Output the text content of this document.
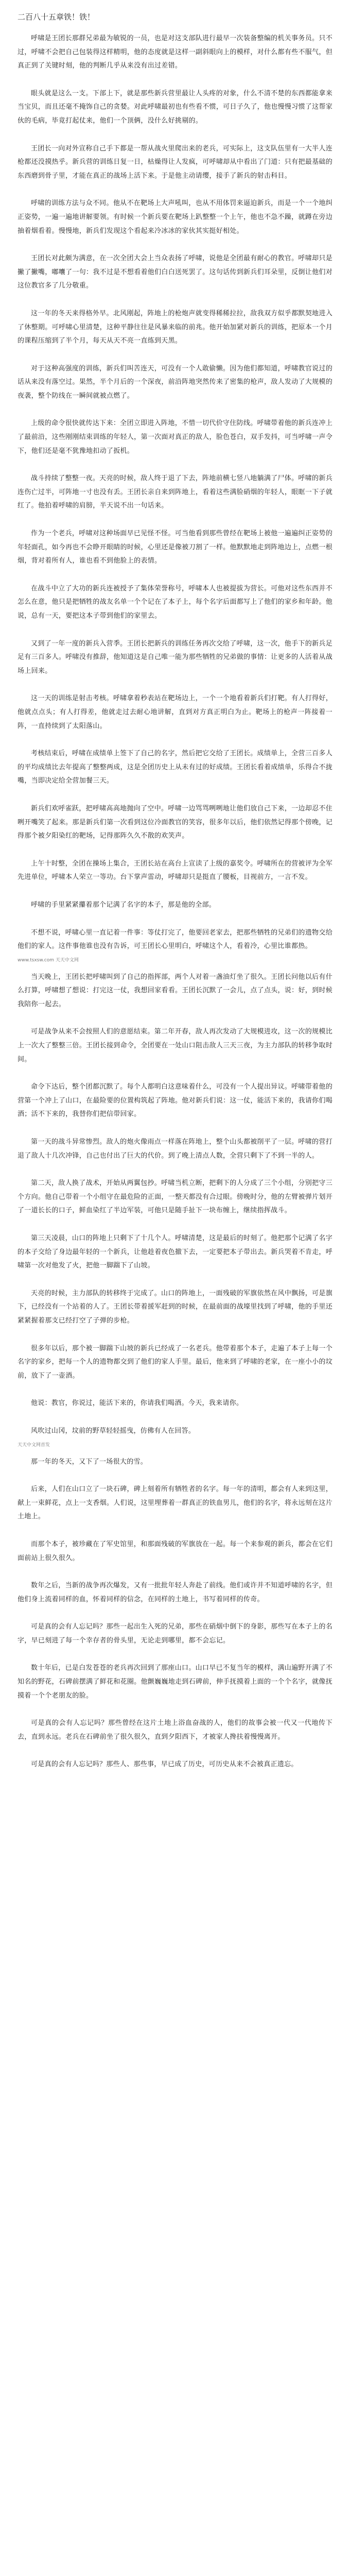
二百八十五章铁！铁！

呼啸是王团长那群兄弟最为敏锐的一员，也是对这支部队进行最早一次装备整编的机关事务员。只不过，呼啸不会把自己包装得这样精明，他的态度就是这样一副斜眼向上的模样，对什么都有些不服气，但真正到了关键时刻，他的判断几乎从来没有出过差错。

眼头就是这么一支。下部上下，就是那些新兵营里最让人头疼的对象，什么不清不楚的东西都能拿来当宝贝，而且还毫不掩饰自己的贪婪。对此呼啸最初也有些看不惯，可日子久了，他也慢慢习惯了这帮家伙的毛病，毕竟打起仗来，他们一个顶俩，没什么好挑剔的。

王团长一向对外宣称自己手下都是一帮从战火里爬出来的老兵，可实际上，这支队伍里有一大半人连枪都还没摸热乎。新兵营的训练日复一日，枯燥得让人发疯，可呼啸却从中看出了门道：只有把最基础的东西磨到骨子里，才能在真正的战场上活下来。于是他主动请缨，接手了新兵的射击科目。

呼啸的训练方法与众不同。他从不在靶场上大声吼叫，也从不用体罚来逼迫新兵，而是一个一个地纠正姿势，一遍一遍地讲解要领。有时候一个新兵要在靶场上趴整整一个上午，他也不急不躁，就蹲在旁边抽着烟看着。慢慢地，新兵们发现这个看起来冷冰冰的家伙其实挺好相处。

王团长对此颇为满意，在一次全团大会上当众表扬了呼啸，说他是全团最有耐心的教官。呼啸却只是撇了撇嘴，嘟囔了一句：我不过是不想看着他们白白送死罢了。这句话传到新兵们耳朵里，反倒让他们对这位教官多了几分敬重。

这一年的冬天来得格外早。北风刚起，阵地上的枪炮声就变得稀稀拉拉，敌我双方似乎都默契地进入了休整期。可呼啸心里清楚，这种平静往往是风暴来临的前兆。他开始加紧对新兵的训练，把原本一个月的课程压缩到了半个月，每天从天不亮一直练到天黑。

对于这种高强度的训练，新兵们叫苦连天，可没有一个人敢偷懒。因为他们都知道，呼啸教官说过的话从来没有落空过。果然，半个月后的一个深夜，前沿阵地突然传来了密集的枪声，敌人发动了大规模的夜袭，整个防线在一瞬间就被点燃了。

上级的命令很快就传达下来：全团立即进入阵地，不惜一切代价守住防线。呼啸带着他的新兵连冲上了最前沿，这些刚刚结束训练的年轻人，第一次面对真正的敌人，脸色苍白，双手发抖，可当呼啸一声令下，他们还是毫不犹豫地扣动了扳机。

战斗持续了整整一夜。天亮的时候，敌人终于退了下去，阵地前横七竖八地躺满了尸体。呼啸的新兵连伤亡过半，可阵地一寸也没有丢。王团长亲自来到阵地上，看着这些满脸硝烟的年轻人，眼眶一下子就红了。他拍着呼啸的肩膀，半天说不出一句话来。

作为一个老兵，呼啸对这种场面早已见怪不怪。可当他看到那些曾经在靶场上被他一遍遍纠正姿势的年轻面孔，如今再也不会睁开眼睛的时候，心里还是像被刀割了一样。他默默地走到阵地边上，点燃一根烟，背对着所有人，谁也看不到他脸上的表情。

在战斗中立了大功的新兵连被授予了集体荣誉称号，呼啸本人也被提拔为营长。可他对这些东西并不怎么在意，他只是把牺牲的战友名单一个个记在了本子上，每个名字后面都写上了他们的家乡和年龄。他说，总有一天，要把这本子带到他们的家里去。

又到了一年一度的新兵入营季。王团长把新兵的训练任务再次交给了呼啸，这一次，他手下的新兵足足有三百多人。呼啸没有推辞，他知道这是自己唯一能为那些牺牲的兄弟做的事情：让更多的人活着从战场上回来。

这一天的训练是射击考核。呼啸拿着秒表站在靶场边上，一个一个地看着新兵们打靶。有人打得好，他就点点头；有人打得差，他就走过去耐心地讲解，直到对方真正明白为止。靶场上的枪声一阵接着一阵，一直持续到了太阳落山。

考核结束后，呼啸在成绩单上签下了自己的名字，然后把它交给了王团长。成绩单上，全营三百多人的平均成绩比去年提高了整整两成，这是全团历史上从未有过的好成绩。王团长看着成绩单，乐得合不拢嘴，当即决定给全营加餐三天。

新兵们欢呼雀跃，把呼啸高高地抛向了空中。呼啸一边骂骂咧咧地让他们放自己下来，一边却忍不住咧开嘴笑了起来。那是新兵们第一次看到这位冷面教官的笑容，很多年以后，他们依然记得那个傍晚，记得那个被夕阳染红的靶场，记得那阵久久不散的欢笑声。

上午十时整，全团在操场上集合，王团长站在高台上宣读了上级的嘉奖令。呼啸所在的营被评为全军先进单位，呼啸本人荣立一等功。台下掌声雷动，呼啸却只是挺直了腰板，目视前方，一言不发。

呼啸的手里紧紧攥着那个记满了名字的本子，那是他的全部。

不想不说，呼啸心里一直记着一件事：等仗打完了，他要回老家去，把那些牺牲的兄弟们的遗物交给他们的家人。这件事他谁也没有告诉，可王团长心里明白，呼啸这个人，看着冷，心里比谁都热。

www.tsxsw.com 天天中文网

当天晚上，王团长把呼啸叫到了自己的指挥部，两个人对着一盏油灯坐了很久。王团长问他以后有什么打算，呼啸想了想说：打完这一仗，我想回家看看。王团长沉默了一会儿，点了点头，说：好，到时候我陪你一起去。

可是战争从来不会按照人们的意愿结束。第二年开春，敌人再次发动了大规模进攻，这一次的规模比上一次大了整整三倍。王团长接到命令，全团要在一处山口阻击敌人三天三夜，为主力部队的转移争取时间。

命令下达后，整个团都沉默了。每个人都明白这意味着什么，可没有一个人提出异议。呼啸带着他的营第一个冲上了山口，在最险要的位置构筑起了阵地。他对新兵们说：这一仗，能活下来的，我请你们喝酒；活不下来的，我替你们把信带回家。

第一天的战斗异常惨烈。敌人的炮火像雨点一样落在阵地上，整个山头都被削平了一层。呼啸的营打退了敌人十几次冲锋，自己也付出了巨大的代价。到了晚上清点人数，全营只剩下了不到一半的人。

第二天，敌人换了战术，开始从两翼包抄。呼啸当机立断，把剩下的人分成了三个小组，分别把守三个方向。他自己带着一个小组守在最危险的正面，一整天都没有合过眼。傍晚时分，他的左臂被弹片划开了一道长长的口子，鲜血染红了半边军装，可他只是随手扯下一块布缠上，继续指挥战斗。

第三天凌晨，山口的阵地上只剩下了十几个人。呼啸清楚，这是最后的时刻了。他把那个记满了名字的本子交给了身边最年轻的一个新兵，让他趁着夜色撤下去，一定要把本子带出去。新兵哭着不肯走，呼啸第一次对他发了火，把他一脚踹下了山坡。

天亮的时候，主力部队的转移终于完成了。山口的阵地上，一面残破的军旗依然在风中飘扬，可是旗下，已经没有一个站着的人了。王团长带着援军赶到的时候，在最前面的战壕里找到了呼啸，他的手里还紧紧握着那支已经打空了子弹的步枪。

很多年以后，那个被一脚踹下山坡的新兵已经成了一名老兵。他带着那个本子，走遍了本子上每一个名字的家乡，把每一个人的遗物都交到了他们的家人手里。最后，他来到了呼啸的老家，在一座小小的坟前，放下了一壶酒。

他说：教官，你说过，能活下来的，你请我们喝酒。今天，我来请你。

风吹过山冈，坟前的野草轻轻摇曳，仿佛有人在回答。

天天中文网首发

那一年的冬天，又下了一场很大的雪。

后来，人们在山口立了一块石碑，碑上刻着所有牺牲者的名字。每一年的清明，都会有人来到这里，献上一束鲜花，点上一支香烟。人们说，这里埋葬着一群真正的铁血男儿，他们的名字，将永远刻在这片土地上。

而那个本子，被珍藏在了军史馆里，和那面残破的军旗放在一起。每一个来参观的新兵，都会在它们面前站上很久很久。

数年之后，当新的战争再次爆发，又有一批批年轻人奔赴了前线。他们或许并不知道呼啸的名字，但他们身上流着同样的血，怀着同样的信念，在同样的土地上，书写着同样的传奇。

可是真的会有人忘记吗？那些一起出生入死的兄弟，那些在硝烟中倒下的身影，那些写在本子上的名字，早已刻进了每一个幸存者的骨头里，无论走到哪里，都不会忘记。

数十年后，已是白发苍苍的老兵再次回到了那座山口。山口早已不复当年的模样，满山遍野开满了不知名的野花，石碑前摆满了鲜花和花圈。他颤巍巍地走到石碑前，伸手抚摸着上面的一个个名字，就像抚摸着一个个老朋友的脸。

可是真的会有人忘记吗？那些曾经在这片土地上浴血奋战的人，他们的故事会被一代又一代地传下去，直到永远。老兵在石碑前坐了很久很久，直到夕阳西下，才被家人搀扶着慢慢离开。

可是真的会有人忘记吗？那些人、那些事，早已成了历史，可历史从来不会被真正遗忘。
